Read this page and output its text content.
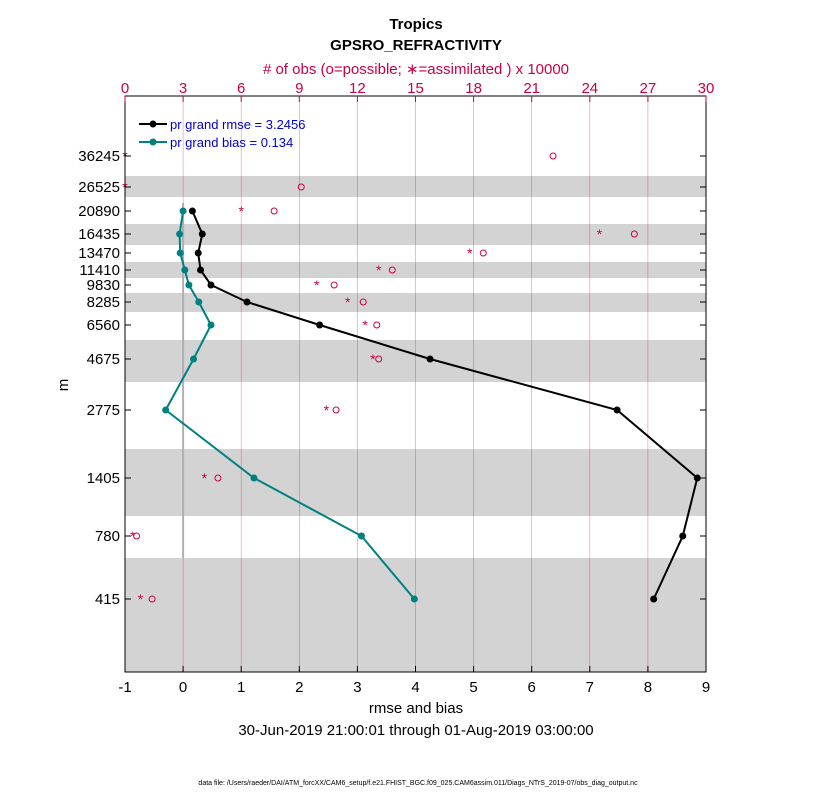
*
*
*
*
*
*
*
*
*
*
*
*
*
*
-1	0	1	2	3	4	5	6	7	8	9
0	3	6	9	12	15	18	21	24	27	30
36245
26525
20890
16435
13470
11410
9830
8285
6560
4675
2775
1405
780
415
Tropics
GPSRO_REFRACTIVITY
# of obs (o=possible; ∗=assimilated ) x 10000
rmse and bias
30-Jun-2019 21:00:01 through 01-Aug-2019 03:00:00
m
data file: /Users/raeder/DAI/ATM_forcXX/CAM6_setup/f.e21.FHIST_BGC.f09_025.CAM6assim.011/Diags_NTrS_2019-07/obs_diag_output.nc
pr grand rmse = 3.2456
pr grand bias = 0.134
